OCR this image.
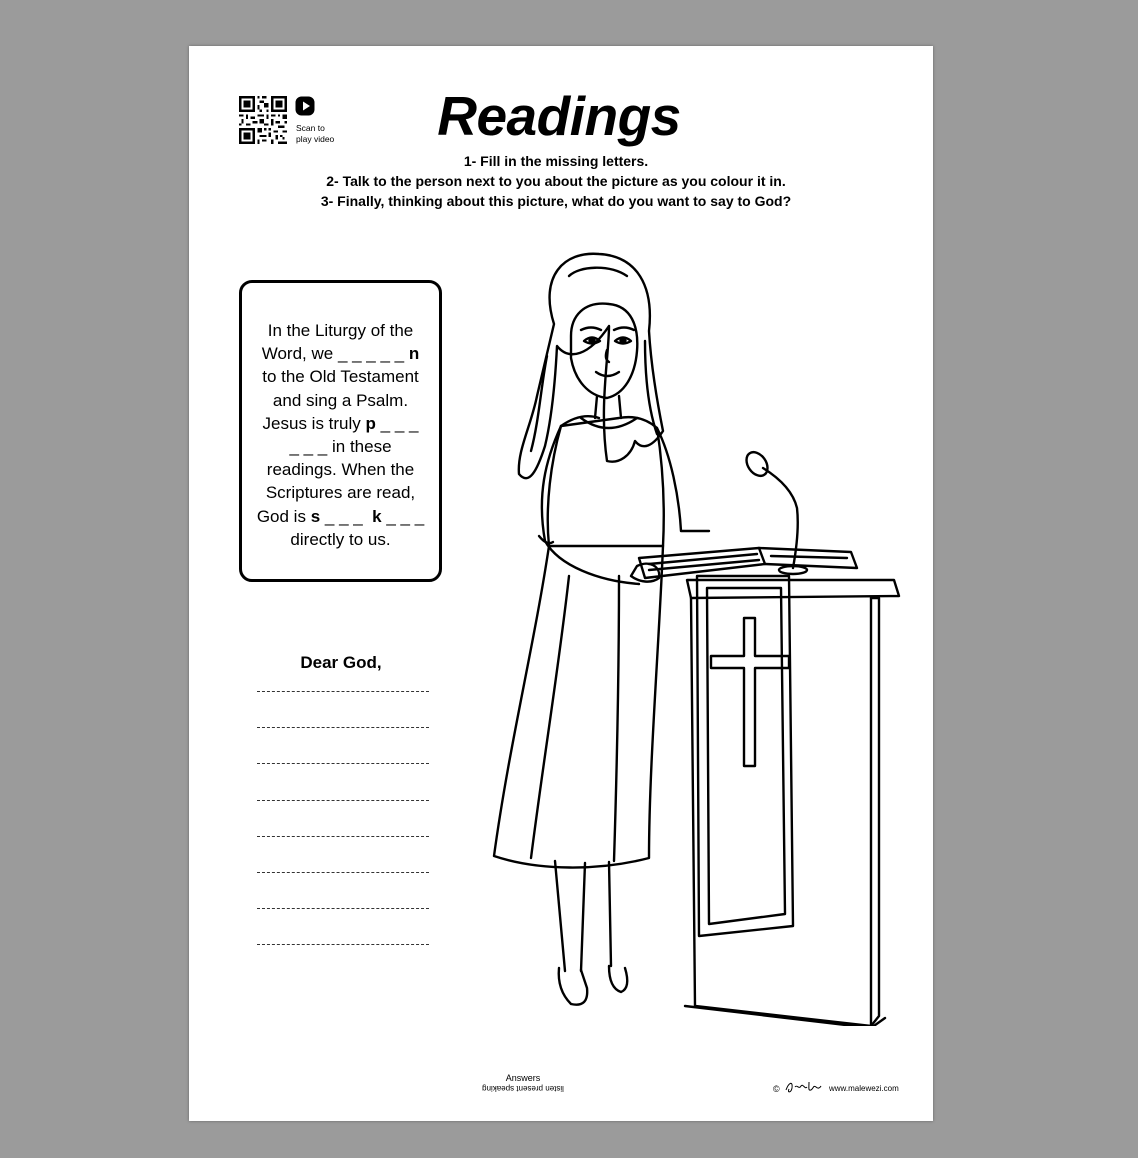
Scan to
play video	Readings
1- Fill in the missing letters.
2- Talk to the person next to you about the picture as you colour it in.
3- Finally, thinking about this picture, what do you want to say to God?
In the Liturgy of the Word, we _ _ _ _ _ n to the Old Testament and sing a Psalm. Jesus is truly p _ _ _ _ _ _ in these readings. When the Scriptures are read, God is s _ _ _ k _ _ _ directly to us.
Dear God,
Answers
listen present speaking	©	www.malewezi.com
